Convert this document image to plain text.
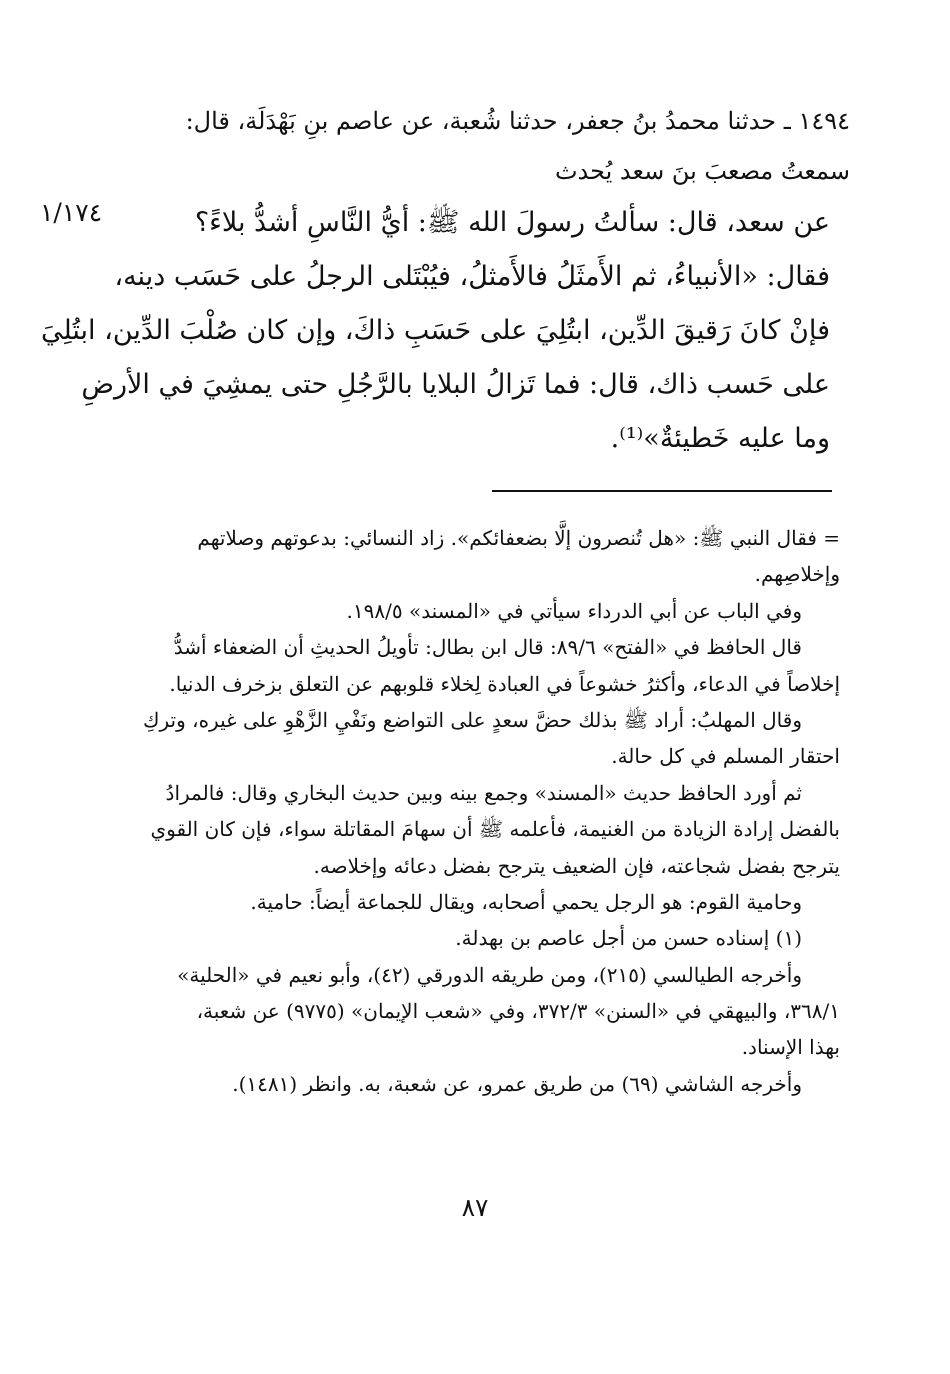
١٤٩٤ ـ حدثنا محمدُ بنُ جعفر، حدثنا شُعبة، عن عاصم بنِ بَهْدَلَة، قال:
سمعتُ مصعبَ بنَ سعد يُحدث
١/١٧٤	عن سعد، قال: سألتُ رسولَ الله ﷺ: أيُّ النَّاسِ أشدُّ بلاءً؟
فقال: «الأنبياءُ، ثم الأَمثَلُ فالأَمثلُ، فيُبْتَلى الرجلُ على حَسَب دينه،
فإنْ كانَ رَقيقَ الدِّين، ابتُلِيَ على حَسَبِ ذاكَ، وإن كان صُلْبَ الدِّين، ابتُلِيَ
على حَسب ذاك، قال: فما تَزالُ البلايا بالرَّجُلِ حتى يمشِيَ في الأرضِ
وما عليه خَطيئةٌ»⁽¹⁾.
= فقال النبي ﷺ: «هل تُنصرون إلَّا بضعفائكم». زاد النسائي: بدعوتهم وصلاتهم
وإخلاصِهم.
وفي الباب عن أبي الدرداء سيأتي في «المسند» ١٩٨/٥.
قال الحافظ في «الفتح» ٨٩/٦: قال ابن بطال: تأويلُ الحديثِ أن الضعفاء أشدُّ
إخلاصاً في الدعاء، وأكثرُ خشوعاً في العبادة لِخلاء قلوبهم عن التعلق بزخرف الدنيا.
وقال المهلبُ: أراد ﷺ بذلك حضَّ سعدٍ على التواضع ونَفْيِ الزَّهْوِ على غيره، وتركِ
احتقار المسلم في كل حالة.
ثم أورد الحافظ حديث «المسند» وجمع بينه وبين حديث البخاري وقال: فالمرادُ
بالفضل إرادة الزيادة من الغنيمة، فأعلمه ﷺ أن سهامَ المقاتلة سواء، فإن كان القوي
يترجح بفضل شجاعته، فإن الضعيف يترجح بفضل دعائه وإخلاصه.
وحامية القوم: هو الرجل يحمي أصحابه، ويقال للجماعة أيضاً: حامية.
(١) إسناده حسن من أجل عاصم بن بهدلة.
وأخرجه الطيالسي (٢١٥)، ومن طريقه الدورقي (٤٢)، وأبو نعيم في «الحلية»
٣٦٨/١، والبيهقي في «السنن» ٣٧٢/٣، وفي «شعب الإيمان» (٩٧٧٥) عن شعبة،
بهذا الإسناد.
وأخرجه الشاشي (٦٩) من طريق عمرو، عن شعبة، به. وانظر (١٤٨١).
٨٧
